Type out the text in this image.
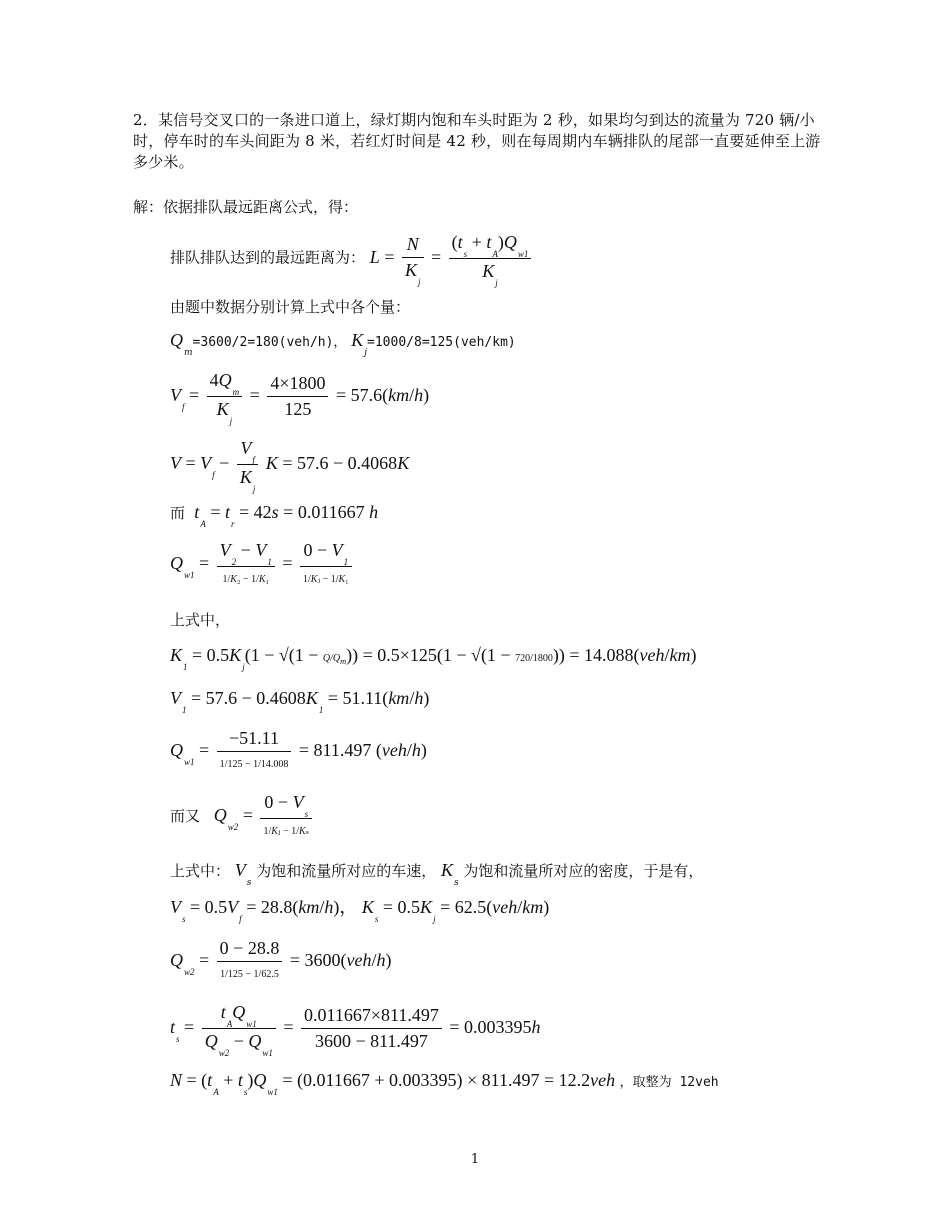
2．某信号交叉口的一条进口道上，绿灯期内饱和车头时距为 2 秒，如果均匀到达的流量为 720 辆/小时，停车时的车头间距为 8 米，若红灯时间是 42 秒，则在每周期内车辆排队的尾部一直要延伸至上游多少米。
解：依据排队最远距离公式，得：
排队排队达到的最远距离为： $L = \frac{N}{K_j} = \frac{(t_s + t_A)Q_{w1}}{K_j}$
由题中数据分别计算上式中各个量：
$Q_m=3600/2=180(veh/h)$， $K_j=1000/8=125(veh/km)$
$V_f = \frac{4Q_m}{K_j} = \frac{4\times 1800}{125} = 57.6(km/h)$
$V = V_f - \frac{V_f}{K_j}$ K = 57.6 − 0.4068K
而 $t_A = t_r = 42s = 0.011667$ h
$Q_{w1} = \frac{V_2 - V_1}{\text{1/K₂ − 1/K₁}} = \frac{0 - V_1}{\text{1/Kⱼ − 1/K₁}}$
上式中，
$K_1 = 0.5K_j(1 - √(1 - Q/Q_m)) = 0.5\times 125(1 - √(1 - 720/1800)) = 14.088(veh/km)$
$V_1 = 57.6 - 0.4608K_1 = 51.11(km/h)$
$Q_{w1} = \frac{-51.11}{1/125 - 1/14.008} = 811.497$ (veh/h)
而又 $Q_{w2} = \frac{0 - V_s}{\text{1/Kⱼ − 1/Kₛ}}$
上式中： $V_s$ 为饱和流量所对应的车速， $K_s$ 为饱和流量所对应的密度，于是有，
$V_s = 0.5V_f = 28.8(km/h)$， $K_s = 0.5K_j = 62.5(veh/km)$
$Q_{w2} = \frac{0 - 28.8}{1/125 - 1/62.5} = 3600(veh/h)$
$t_s = \frac{t_AQ_{w1}}{Q_{w2} - Q_{w1}} = \frac{0.011667\times 811.497}{3600 - 811.497} = 0.003395h$
$N = (t_A + t_s)Q_{w1} = (0.011667 + 0.003395) \times 811.497 = 12.2veh$ ，取整为 12veh
1
